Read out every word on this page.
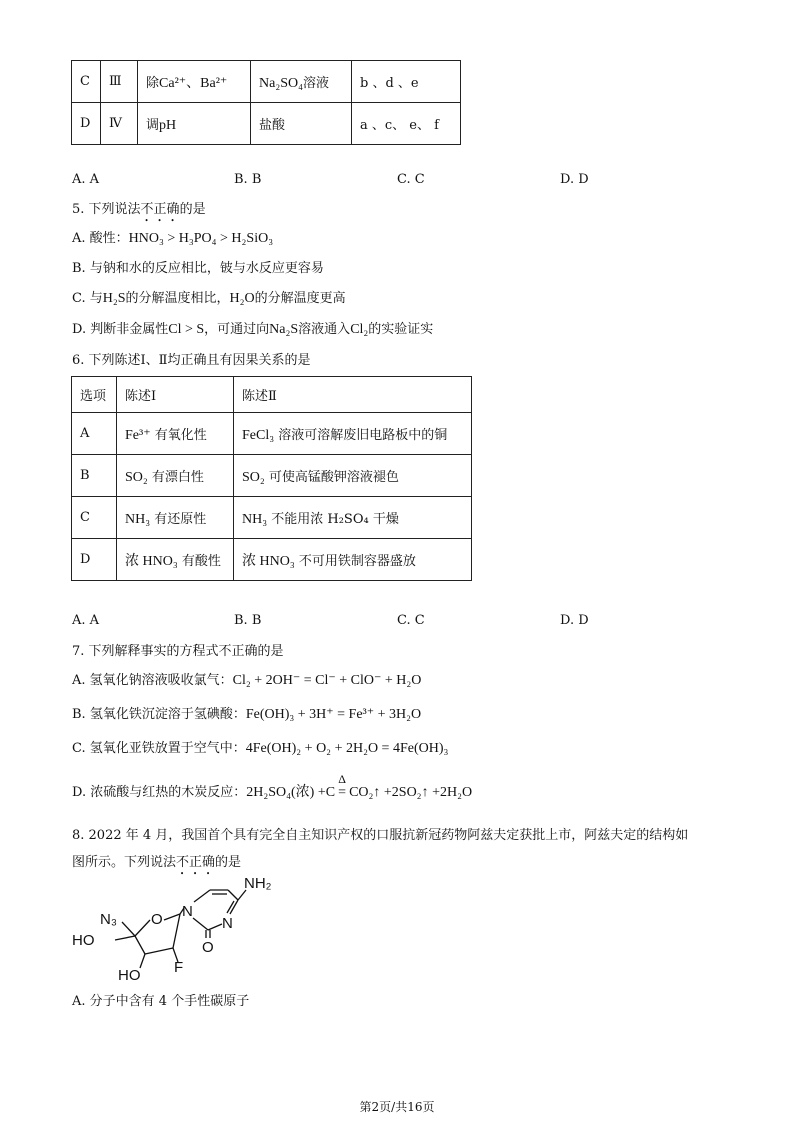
C	Ⅲ	除Ca²⁺、Ba²⁺	Na₂SO₄溶液	b 、d 、e
D	Ⅳ	调pH	盐酸	a 、c、 e、 f
A. A	B. B	C. C	D. D
5. 下列说法不正确的是
A. 酸性：HNO₃ > H₃PO₄ > H₂SiO₃
B. 与钠和水的反应相比，铍与水反应更容易
C. 与H₂S的分解温度相比，H₂O的分解温度更高
D. 判断非金属性Cl > S，可通过向Na₂S溶液通入Cl₂的实验证实
6. 下列陈述Ⅰ、Ⅱ均正确且有因果关系的是
选项	陈述Ⅰ	陈述Ⅱ
A	Fe³⁺ 有氧化性	FeCl₃ 溶液可溶解废旧电路板中的铜
B	SO₂ 有漂白性	SO₂ 可使高锰酸钾溶液褪色
C	NH₃ 有还原性	NH₃ 不能用浓 H₂SO₄ 干燥
D	浓 HNO₃ 有酸性	浓 HNO₃ 不可用铁制容器盛放
A. A	B. B	C. C	D. D
7. 下列解释事实的方程式不正确的是
A. 氢氧化钠溶液吸收氯气：Cl₂ + 2OH⁻ = Cl⁻ + ClO⁻ + H₂O
B. 氢氧化铁沉淀溶于氢碘酸：Fe(OH)₃ + 3H⁺ = Fe³⁺ + 3H₂O
C. 氢氧化亚铁放置于空气中：4Fe(OH)₂ + O₂ + 2H₂O = 4Fe(OH)₃
D. 浓硫酸与红热的木炭反应：2H₂SO₄(浓) +C
Δ
= CO₂↑ +2SO₂↑ +2H₂O
8. 2022 年 4 月，我国首个具有完全自主知识产权的口服抗新冠药物阿兹夫定获批上市，阿兹夫定的结构如
图所示。下列说法不正确的是
O
N₃
HO
HO F
N
N
O
NH₂
A. 分子中含有 4 个手性碳原子
第2页/共16页
